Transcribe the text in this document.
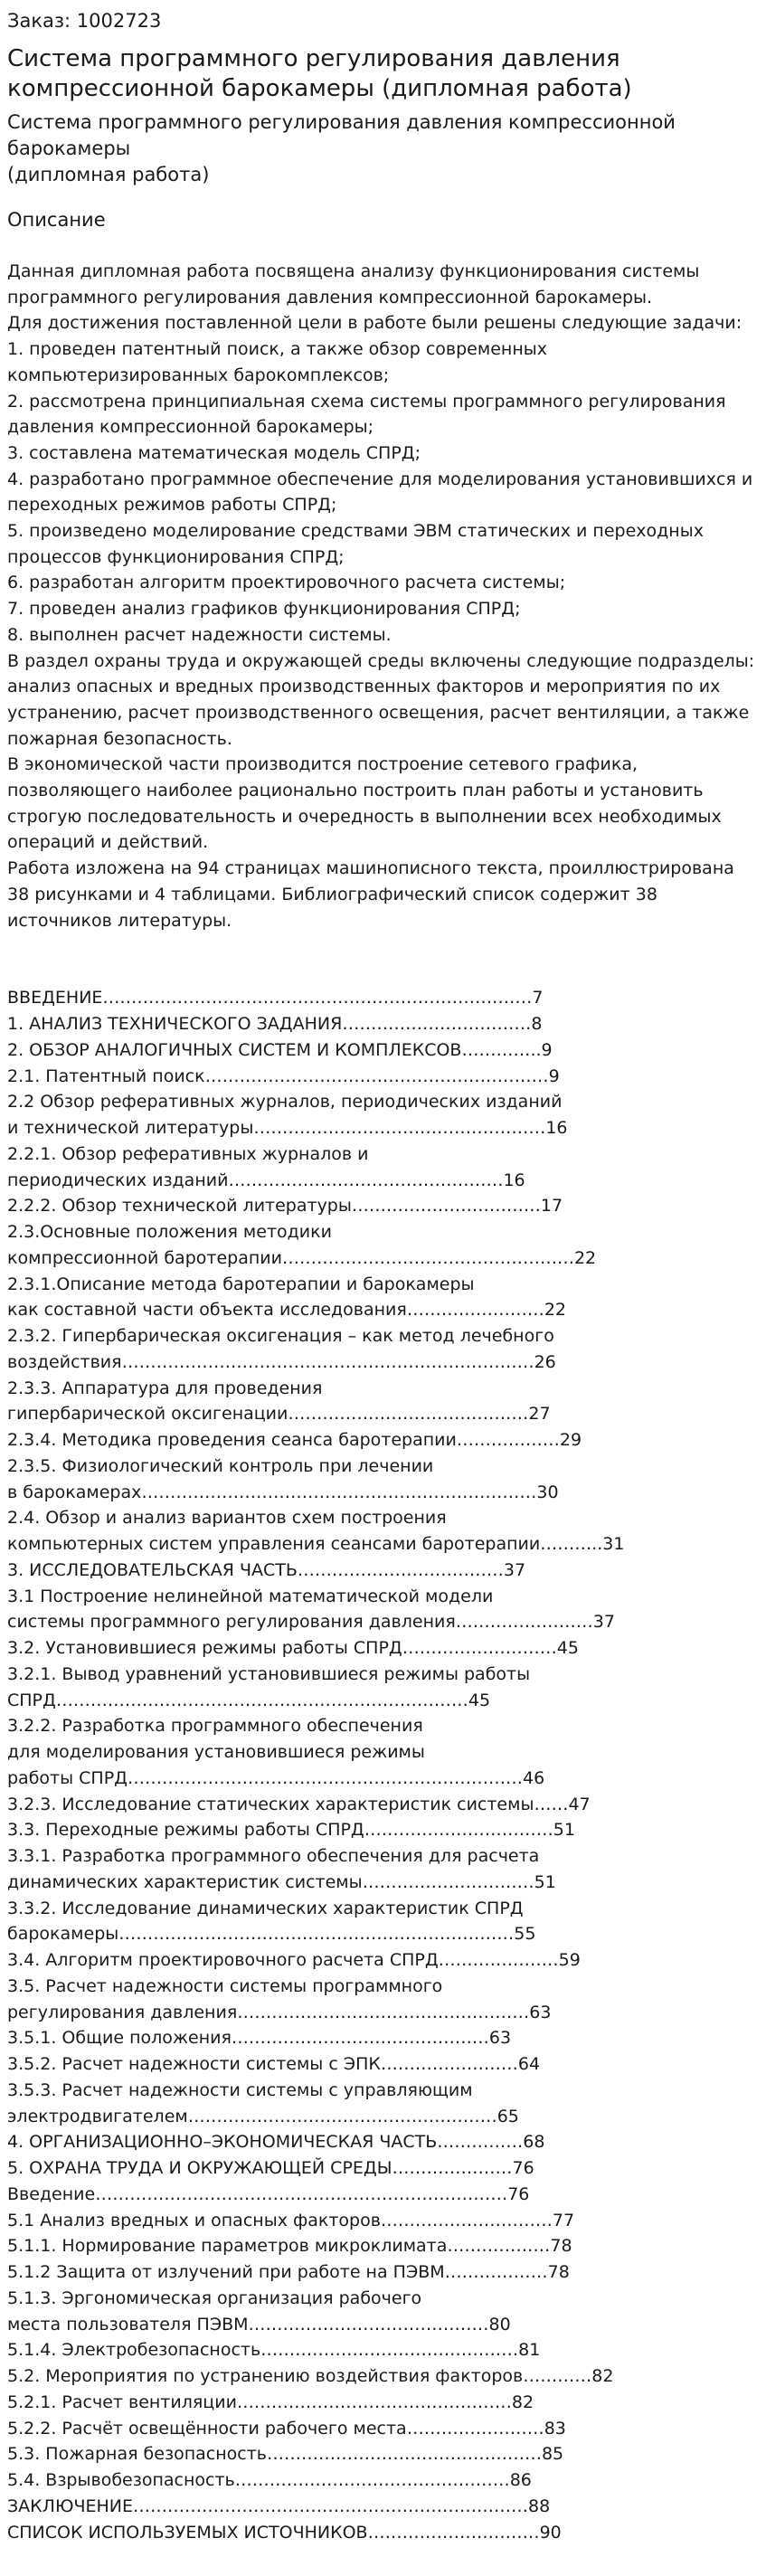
Заказ: 1002723
Система программного регулирования давления
компрессионной барокамеры (дипломная работа)
Система программного регулирования давления компрессионной барокамеры
(дипломная работа)
Описание
Данная дипломная работа посвящена анализу функционирования системы
программного регулирования давления компрессионной барокамеры.
Для достижения поставленной цели в работе были решены следующие задачи:
1. проведен патентный поиск, а также обзор современных
компьютеризированных барокомплексов;
2. рассмотрена принципиальная схема системы программного регулирования
давления компрессионной барокамеры;
3. составлена математическая модель СПРД;
4. разработано программное обеспечение для моделирования установившихся и
переходных режимов работы СПРД;
5. произведено моделирование средствами ЭВМ статических и переходных
процессов функционирования СПРД;
6. разработан алгоритм проектировочного расчета системы;
7. проведен анализ графиков функционирования СПРД;
8. выполнен расчет надежности системы.
В раздел охраны труда и окружающей среды включены следующие подразделы:
анализ опасных и вредных производственных факторов и мероприятия по их
устранению, расчет производственного освещения, расчет вентиляции, а также
пожарная безопасность.
В экономической части производится построение сетевого графика,
позволяющего наиболее рационально построить план работы и установить
строгую последовательность и очередность в выполнении всех необходимых
операций и действий.
Работа изложена на 94 страницах машинописного текста, проиллюстрирована
38 рисунками и 4 таблицами. Библиографический список содержит 38
источников литературы.
ВВЕДЕНИЕ…………………………………………………………………7
1. АНАЛИЗ ТЕХНИЧЕСКОГО ЗАДАНИЯ……………………………8
2. ОБЗОР АНАЛОГИЧНЫХ СИСТЕМ И КОМПЛЕКСОВ…………..9
2.1. Патентный поиск……………………………………………………9
2.2 Обзор реферативных журналов, периодических изданий
и технической литературы……………………………………………16
2.2.1. Обзор реферативных журналов и
периодических изданий…………………………………………16
2.2.2. Обзор технической литературы……………………………17
2.3.Основные положения методики
компрессионной баротерапии……………………………………………22
2.3.1.Описание метода баротерапии и барокамеры
как составной части объекта исследования……………………22
2.3.2. Гипербарическая оксигенация – как метод лечебного
воздействия………………………………………………………………26
2.3.3. Аппаратура для проведения
гипербарической оксигенации……………………………………27
2.3.4. Методика проведения сеанса баротерапии………………29
2.3.5. Физиологический контроль при лечении
в барокамерах……………………………………………………………30
2.4. Обзор и анализ вариантов схем построения
компьютерных систем управления сеансами баротерапии………..31
3. ИССЛЕДОВАТЕЛЬСКАЯ ЧАСТЬ………………………………37
3.1 Построение нелинейной математической модели
системы программного регулирования давления……………………37
3.2. Установившиеся режимы работы СПРД………………………45
3.2.1. Вывод уравнений установившиеся режимы работы
СПРД………………………………………………………………45
3.2.2. Разработка программного обеспечения
для моделирования установившиеся режимы
работы СПРД……………………………………………………………46
3.2.3. Исследование статических характеристик системы……47
3.3. Переходные режимы работы СПРД……………………………51
3.3.1. Разработка программного обеспечения для расчета
динамических характеристик системы…………………………51
3.3.2. Исследование динамических характеристик СПРД
барокамеры……………………………………………………………55
3.4. Алгоритм проектировочного расчета СПРД…………………59
3.5. Расчет надежности системы программного
регулирования давления……………………………………………63
3.5.1. Общие положения………………………………………63
3.5.2. Расчет надежности системы с ЭПК……………………64
3.5.3. Расчет надежности системы с управляющим
электродвигателем………………………………………………65
4. ОРГАНИЗАЦИОННО–ЭКОНОМИЧЕСКАЯ ЧАСТЬ……………68
5. ОХРАНА ТРУДА И ОКРУЖАЮЩЕЙ СРЕДЫ…………………76
Введение………………………………………………………………76
5.1 Анализ вредных и опасных факторов…………………………77
5.1.1. Нормирование параметров микроклимата………………78
5.1.2 Защита от излучений при работе на ПЭВМ………………78
5.1.3. Эргономическая организация рабочего
места пользователя ПЭВМ……………………………………80
5.1.4. Электробезопасность………………………………………81
5.2. Мероприятия по устранению воздействия факторов…………82
5.2.1. Расчет вентиляции…………………………………………82
5.2.2. Расчёт освещённости рабочего места……………………83
5.3. Пожарная безопасность…………………………………………85
5.4. Взрывобезопасность…………………………………………86
ЗАКЛЮЧЕНИЕ……………………………………………………………88
СПИСОК ИСПОЛЬЗУЕМЫХ ИСТОЧНИКОВ…………………………90
